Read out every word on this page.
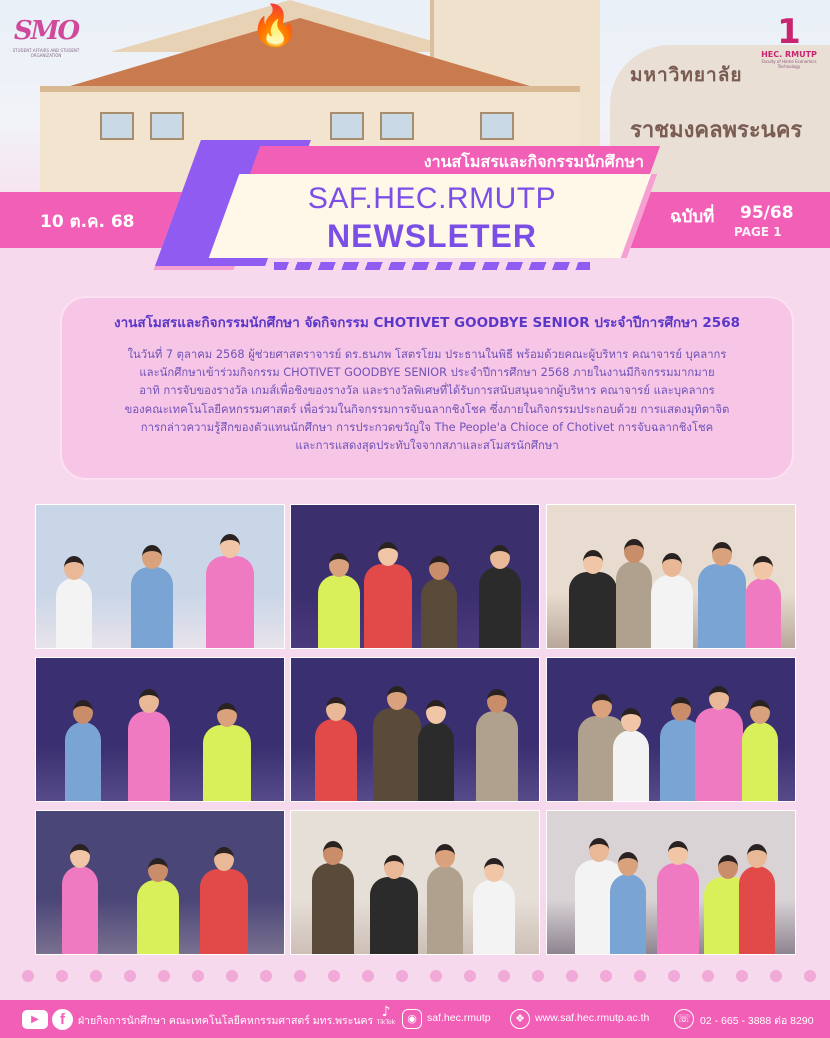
🔥
มหาวิทยาลัย
ราชมงคลพระนคร
SMO
STUDENT AFFAIRS AND STUDENT ORGANIZATION
1
HEC. RMUTP
Faculty of Home Economics Technology
10 ต.ค. 68	ฉบับที่ 95/68
PAGE 1
งานสโมสรและกิจกรรมนักศึกษา
SAF.HEC.RMUTP
NEWSLETER
งานสโมสรและกิจกรรมนักศึกษา จัดกิจกรรม CHOTIVET GOODBYE SENIOR ประจำปีการศึกษา 2568
ในวันที่ 7 ตุลาคม 2568 ผู้ช่วยศาสตราจารย์ ดร.ธนภพ โสตรโยม ประธานในพิธี พร้อมด้วยคณะผู้บริหาร คณาจารย์ บุคลากร
และนักศึกษาเข้าร่วมกิจกรรม CHOTIVET GOODBYE SENIOR ประจำปีการศึกษา 2568 ภายในงานมีกิจกรรมมากมาย
อาทิ การจับของรางวัล เกมส์เพื่อชิงของรางวัล และรางวัลพิเศษที่ได้รับการสนับสนุนจากผู้บริหาร คณาจารย์ และบุคลากร
ของคณะเทคโนโลยีคหกรรมศาสตร์ เพื่อร่วมในกิจกรรมการจับฉลากชิงโชค ซึ่งภายในกิจกรรมประกอบด้วย การแสดงมุทิตาจิต
การกล่าวความรู้สึกของตัวแทนนักศึกษา การประกวดขวัญใจ The People'a Chioce of Chotivet การจับฉลากชิงโชค
และการแสดงสุดประทับใจจากสภาและสโมสรนักศึกษา
▶	f	ฝ่ายกิจการนักศึกษา คณะเทคโนโลยีคหกรรมศาสตร์ มทร.พระนคร
♪
TikTok	◉ saf.hec.rmutp	❖ www.saf.hec.rmutp.ac.th	☏ 02 - 665 - 3888 ต่อ 8290
